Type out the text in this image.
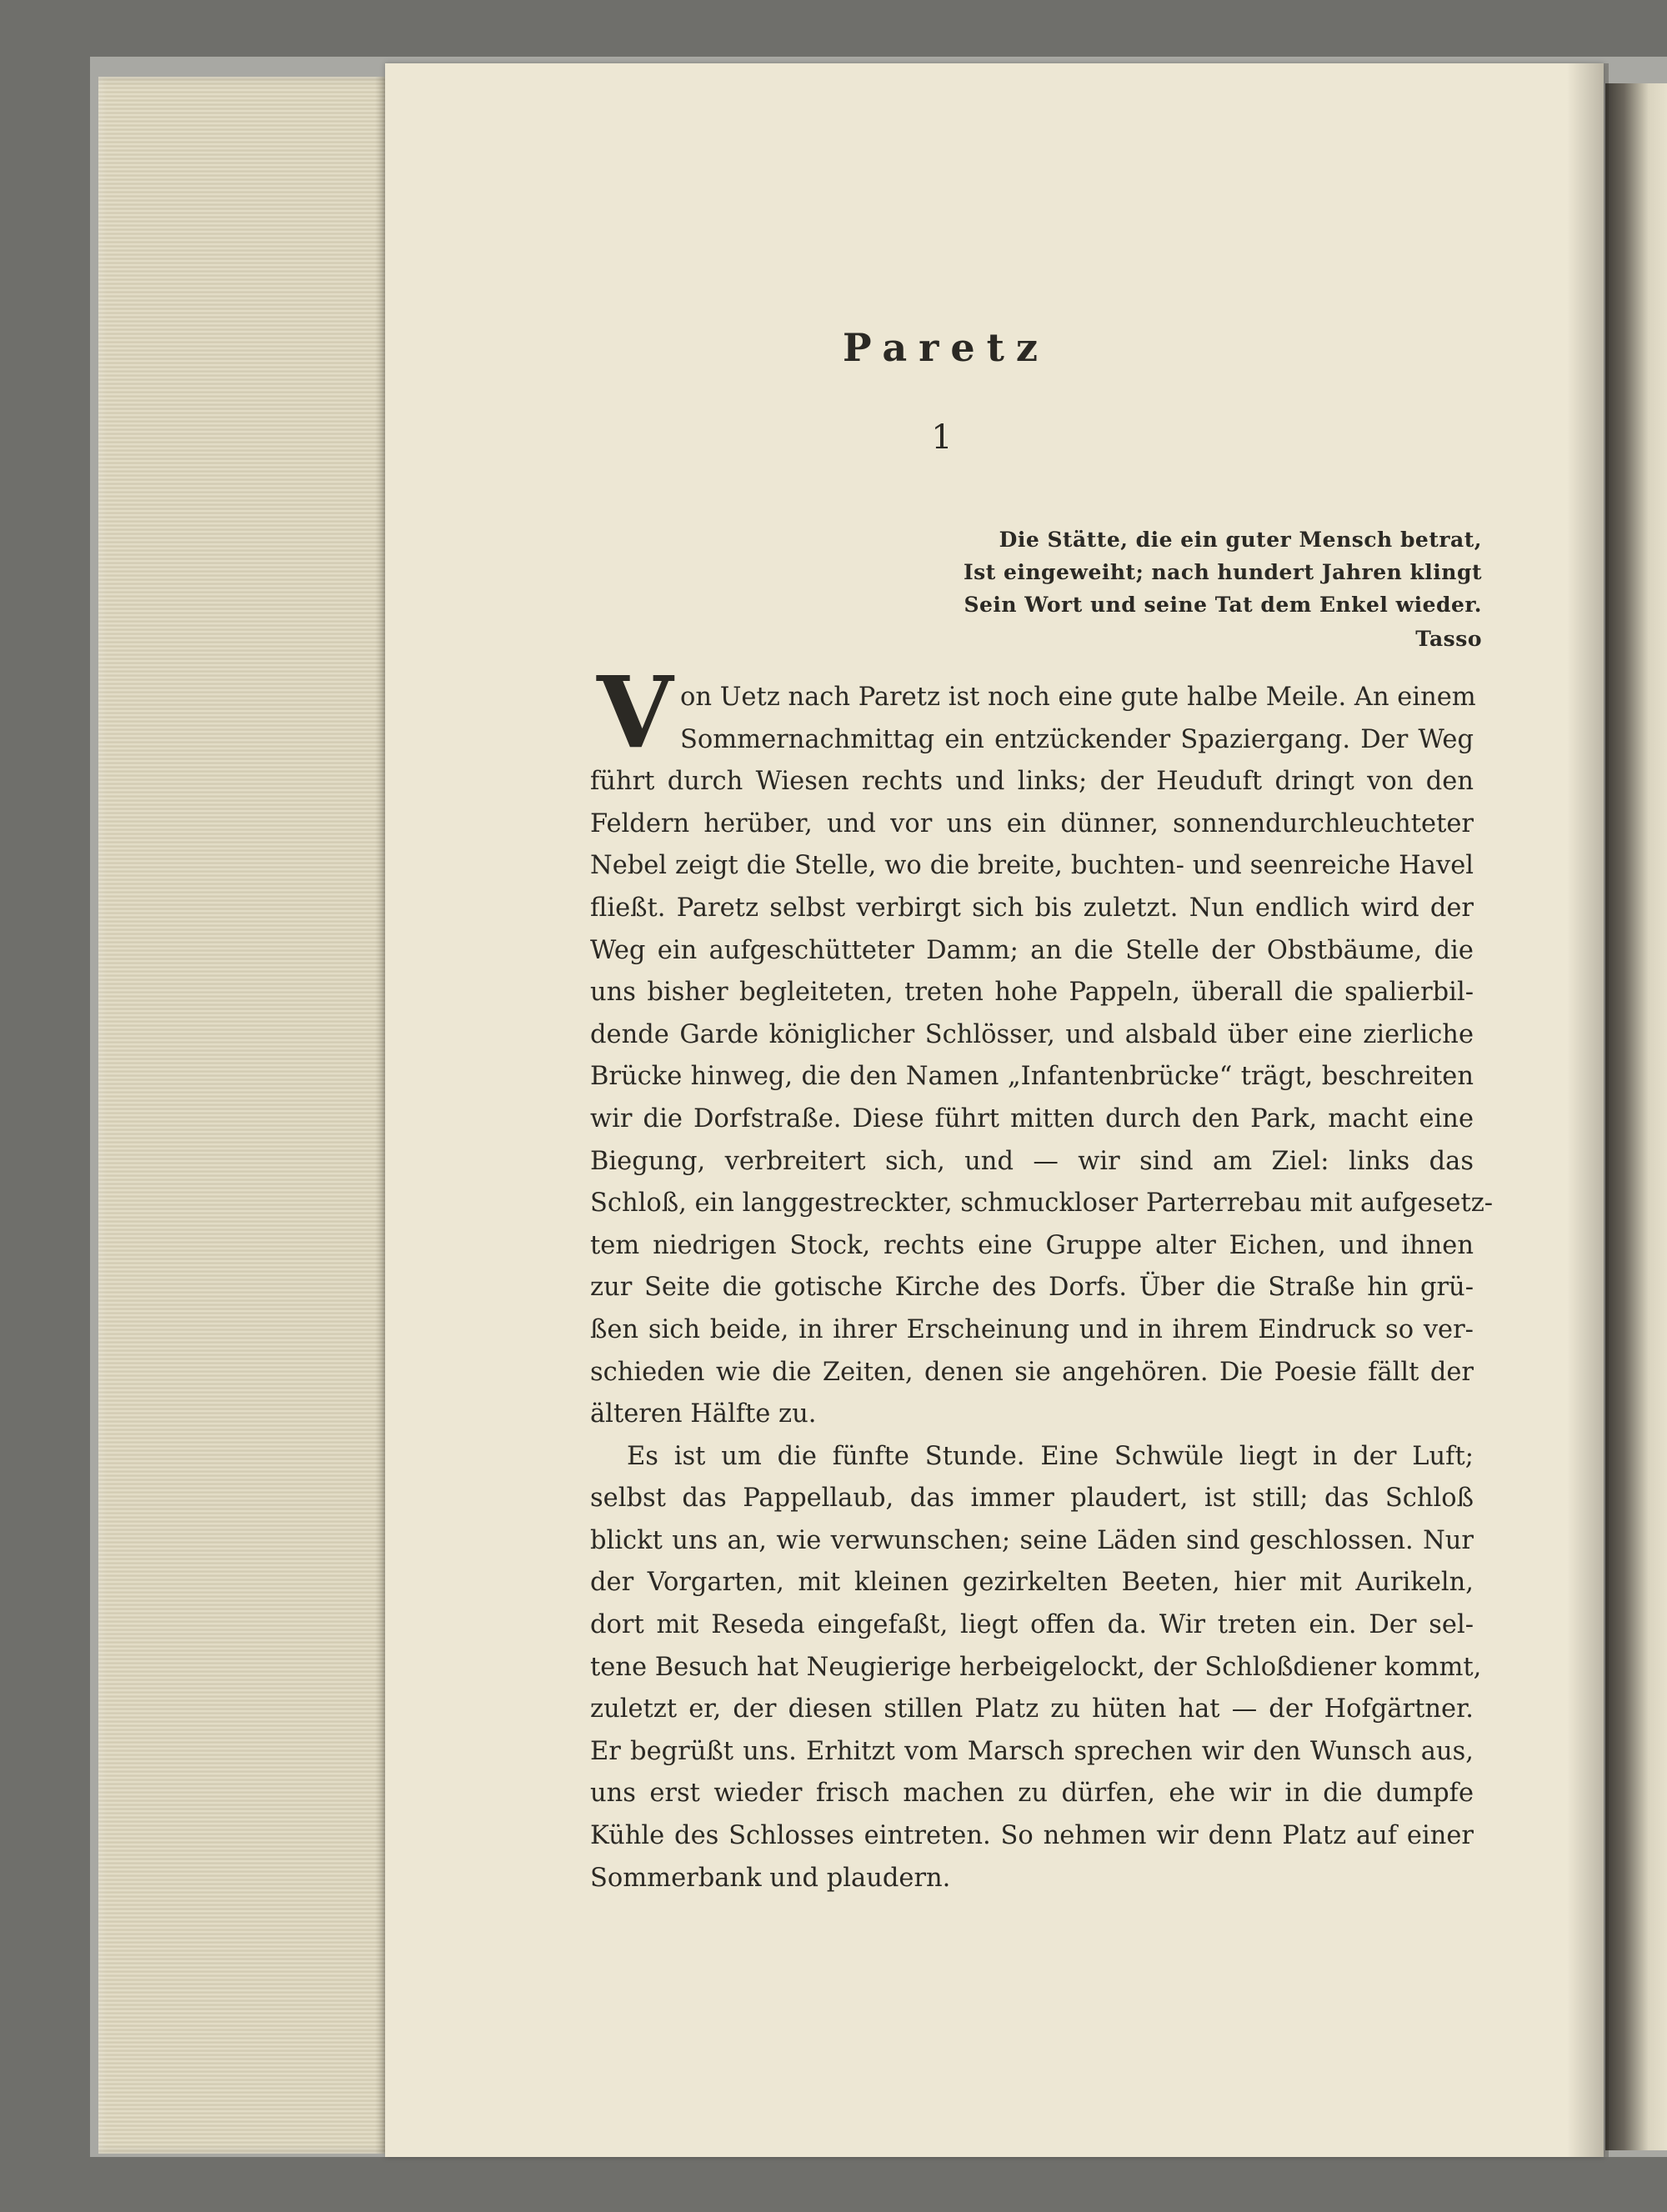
Paretz
1
Die Stätte, die ein guter Mensch betrat,
Ist eingeweiht; nach hundert Jahren klingt
Sein Wort und seine Tat dem Enkel wieder.
Tasso
V on Uetz nach Paretz ist noch eine gute halbe Meile. An einem
Sommernachmittag ein entzückender Spaziergang. Der Weg
führt durch Wiesen rechts und links; der Heuduft dringt von den
Feldern herüber, und vor uns ein dünner, sonnendurchleuchteter
Nebel zeigt die Stelle, wo die breite, buchten- und seenreiche Havel
fließt. Paretz selbst verbirgt sich bis zuletzt. Nun endlich wird der
Weg ein aufgeschütteter Damm; an die Stelle der Obstbäume, die
uns bisher begleiteten, treten hohe Pappeln, überall die spalierbil-
dende Garde königlicher Schlösser, und alsbald über eine zierliche
Brücke hinweg, die den Namen „Infantenbrücke“ trägt, beschreiten
wir die Dorfstraße. Diese führt mitten durch den Park, macht eine
Biegung, verbreitert sich, und — wir sind am Ziel: links das
Schloß, ein langgestreckter, schmuckloser Parterrebau mit aufgesetz-
tem niedrigen Stock, rechts eine Gruppe alter Eichen, und ihnen
zur Seite die gotische Kirche des Dorfs. Über die Straße hin grü-
ßen sich beide, in ihrer Erscheinung und in ihrem Eindruck so ver-
schieden wie die Zeiten, denen sie angehören. Die Poesie fällt der
älteren Hälfte zu.
Es ist um die fünfte Stunde. Eine Schwüle liegt in der Luft;
selbst das Pappellaub, das immer plaudert, ist still; das Schloß
blickt uns an, wie verwunschen; seine Läden sind geschlossen. Nur
der Vorgarten, mit kleinen gezirkelten Beeten, hier mit Aurikeln,
dort mit Reseda eingefaßt, liegt offen da. Wir treten ein. Der sel-
tene Besuch hat Neugierige herbeigelockt, der Schloßdiener kommt,
zuletzt er, der diesen stillen Platz zu hüten hat — der Hofgärtner.
Er begrüßt uns. Erhitzt vom Marsch sprechen wir den Wunsch aus,
uns erst wieder frisch machen zu dürfen, ehe wir in die dumpfe
Kühle des Schlosses eintreten. So nehmen wir denn Platz auf einer
Sommerbank und plaudern.
